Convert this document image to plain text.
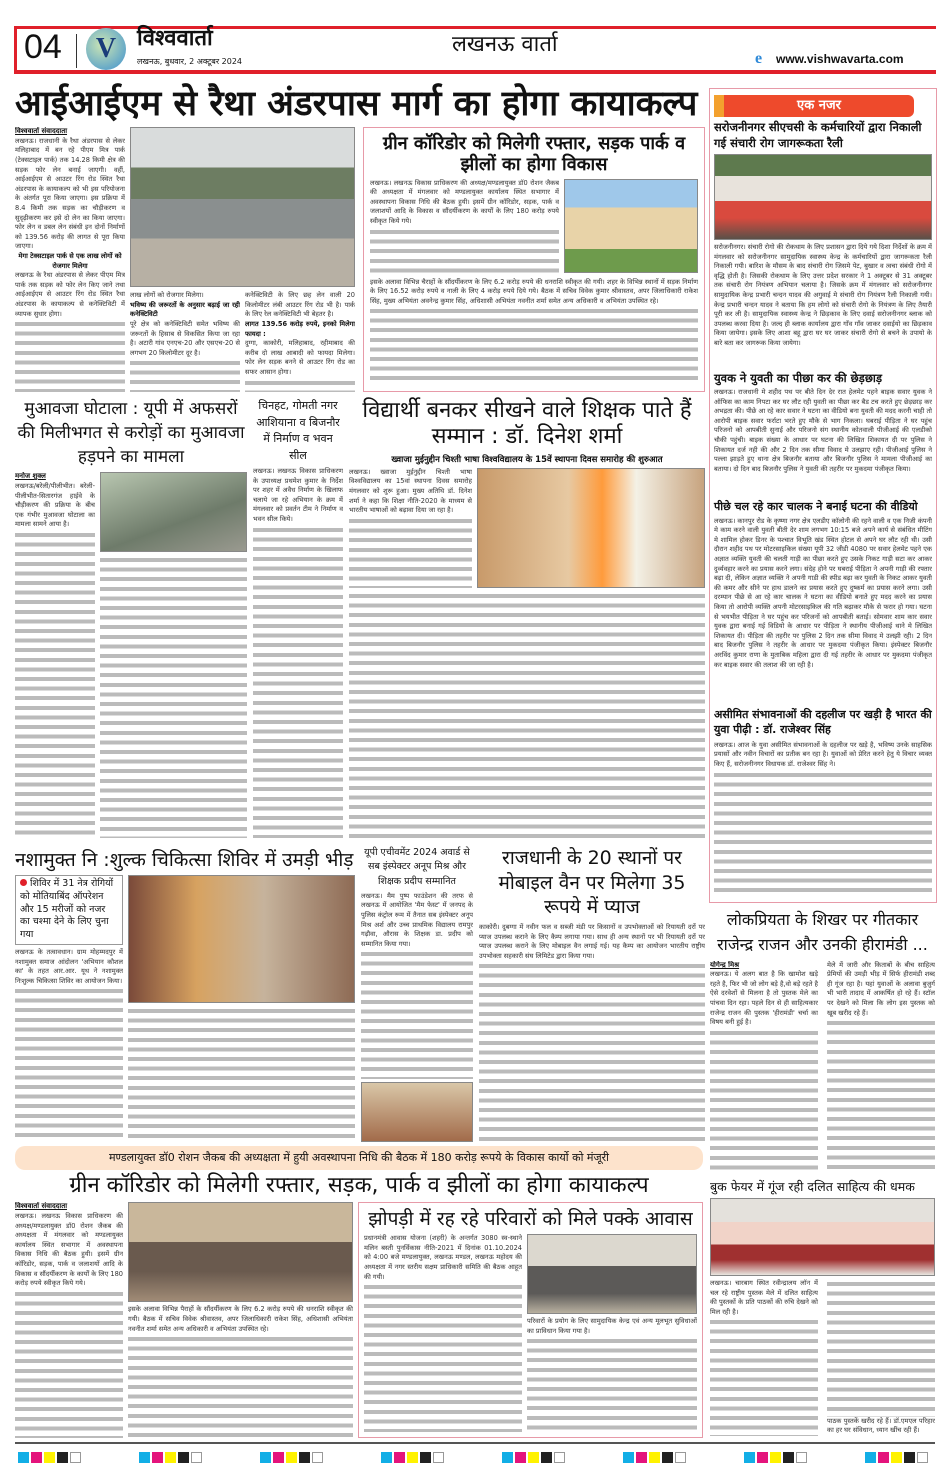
04	V विश्ववार्ता
लखनऊ, बुधवार, 2 अक्टूबर 2024
लखनऊ वार्ता
e www.vishwavarta.com
आईआईएम से रैथा अंडरपास मार्ग का होगा कायाकल्प
विश्ववार्ता संवाददाता
लखनऊ। राजधानी के रैथा अंडरपास से लेकर मलिहाबाद में बन रहे पीएम मित्र पार्क (टेक्सटाइल पार्क) तक 14.28 किमी क्षेत्र की सड़क फोर लेन बनाई जाएगी। वहीं, आईआईएम से आउटर रिंग रोड स्थित रैथा अंडरपास के कायाकल्प को भी इस परियोजना के अंतर्गत पूरा किया जाएगा। इस प्रक्रिया में 8.4 किमी तक सड़क का चौड़ीकरण व सुदृढ़ीकरण कर इसे दो लेन का किया जाएगा। फोर लेन व डबल लेन संबंधी इन दोनों निर्माणों को 139.56 करोड़ की लागत से पूरा किया जाएगा।
मेगा टेक्सटाइल पार्क से एक लाख लोगों को रोजगार मिलेगा
लखनऊ के रैथा अंडरपास से लेकर पीएम मित्र पार्क तक सड़क को फोर लेन किए जाने तथा आईआईएम से आउटर रिंग रोड स्थित रैथा अंडरपास के कायाकल्प से कनेक्टिविटी में व्यापक सुधार होगा।
लाख लोगों को रोजगार मिलेगा।
भविष्य की जरूरतों के अनुसार बढ़ाई जा रही कनेक्टिविटी
पूरे क्षेत्र को कनेक्टिविटी समेत भविष्य की जरूरतों के हिसाब से विकसित किया जा रहा है। अटारी गांव एनएच-20 और एसएच-20 से लगभग 20 किलोमीटर दूर है।
कनेक्टिविटी के लिए छह लेन वाली 20 किलोमीटर लंबी आउटर रिंग रोड भी है। पार्क के लिए रेल कनेक्टिविटी भी बेहतर है।
लागत 139.56 करोड़ रुपये, इनको मिलेगा फायदा :
दुग्गा, काकोरी, मलिहाबाद, रहीमाबाद की करीब दो लाख आबादी को फायदा मिलेगा। फोर लेन सड़क बनने से आउटर रिंग रोड का सफर आसान होगा।
ग्रीन कॉरिडोर को मिलेगी रफ्तार, सड़क पार्क व झीलों का होगा विकास
लखनऊ। लखनऊ विकास प्राधिकरण की अध्यक्ष/मण्डलायुक्त डॉ0 रोशन जैकब की अध्यक्षता में मंगलवार को मण्डलायुक्त कार्यालय स्थित सभागार में अवस्थापना विकास निधि की बैठक हुयी। इसमें ग्रीन कॉरिडोर, सड़क, पार्क व जलाशयों आदि के विकास व सौंदर्यीकरण के कार्यों के लिए 180 करोड़ रुपये स्वीकृत किये गये।
इसके अलावा विभिन्न चैराहों के सौंदर्यीकरण के लिए 6.2 करोड़ रुपये की धनराशि स्वीकृत की गयी। शहर के विभिन्न स्थानों में सड़क निर्माण के लिए 16.52 करोड़ रुपये व नाली के लिए 4 करोड़ रुपये दिये गये। बैठक में सचिव विवेक कुमार श्रीवास्तव, अपर जिलाधिकारी राकेश सिंह, मुख्य अभियंता अवनेन्द्र कुमार सिंह, अधिशासी अभियंता नवनीत शर्मा समेत अन्य अधिकारी व अभियंता उपस्थित रहे।
मुआवजा घोटाला : यूपी में अफसरों की मिलीभगत से करोड़ों का मुआवजा हड़पने का मामला
मनोज शुक्ल
लखनऊ/बरेली/पीलीभीत। बरेली-पीलीभीत-सितारगंज हाईवे के चौड़ीकरण की प्रक्रिया के बीच एक गंभीर मुआवजा घोटाला का मामला सामने आया है।
चिनहट, गोमती नगर आशियाना व बिजनौर में निर्माण व भवन सील
लखनऊ। लखनऊ विकास प्राधिकरण के उपाध्यक्ष प्रथमेश कुमार के निर्देश पर शहर में अवैध निर्माण के खिलाफ चलाये जा रहे अभियान के क्रम में मंगलवार को प्रवर्तन टीम ने निर्माण व भवन सील किये।
विद्यार्थी बनकर सीखने वाले शिक्षक पाते हैं सम्मान : डॉ. दिनेश शर्मा
ख्वाजा मुईनुद्दीन चिश्ती भाषा विश्वविद्यालय के 15वें स्थापना दिवस समारोह की शुरुआत
लखनऊ। ख्वाजा मुईनुद्दीन चिश्ती भाषा विश्वविद्यालय का 15वां स्थापना दिवस समारोह मंगलवार को शुरू हुआ। मुख्य अतिथि डॉ. दिनेश शर्मा ने कहा कि शिक्षा नीति-2020 के माध्यम से भारतीय भाषाओं को बढ़ावा दिया जा रहा है।
नशामुक्त नि :शुल्क चिकित्सा शिविर में उमड़ी भीड़
शिविर में 31 नेत्र रोगियों को मोतियाबिंद ऑपरेशन और 15 मरीजों को नजर का चश्मा देने के लिए चुना गया
लखनऊ के तत्वावधान। ग्राम मोहम्मदपुर में नशामुक्त समाज आंदोलन 'अभियान कौशल का' के तहत आर.आर. यूथ ने नशामुक्त निःशुल्क चिकित्सा शिविर का आयोजन किया।
यूपी एचीवमेंट 2024 अवार्ड से सब इंस्पेक्टर अनूप मिश्र और शिक्षक प्रदीप सम्मानित
लखनऊ। मैम पुष्प फाउंडेशन की तरफ से लखनऊ में आयोजित 'मैम फेस्ट' में जनपद के पुलिस कंट्रोल रूम में तैनात सब इंस्पेक्टर अनूप मिश्र अर्श और उच्च प्राथमिक विद्यालय रामपुर गढ़ौवा, औरास के शिक्षक डा. प्रदीप को सम्मानित किया गया।
राजधानी के 20 स्थानों पर मोबाइल वैन पर मिलेगा 35 रूपये में प्याज
काकोरी। दुबग्गा में नवीन फल व सब्जी मंडी पर किसानों व उपभोक्ताओं को रियायती दरों पर प्याज उपलब्ध कराने के लिए कैम्प लगाया गया। साथ ही अन्य स्थानों पर भी रियायती दरों पर प्याज उपलब्ध कराने के लिए मोबाइल वैन लगाई गई। यह कैम्प का आयोजन भारतीय राष्ट्रीय उपभोक्ता सहकारी संघ लिमिटेड द्वारा किया गया।
मण्डलायुक्त डॉ0 रोशन जैकब की अध्यक्षता में हुयी अवस्थापना निधि की बैठक में 180 करोड़ रूपये के विकास कार्यो को मंजूरी
ग्रीन कॉरिडोर को मिलेगी रफ्तार, सड़क, पार्क व झीलों का होगा कायाकल्प
विश्ववार्ता संवाददाता
लखनऊ। लखनऊ विकास प्राधिकरण की अध्यक्ष/मण्डलायुक्त डॉ0 रोशन जैकब की अध्यक्षता में मंगलवार को मण्डलायुक्त कार्यालय स्थित सभागार में अवस्थापना विकास निधि की बैठक हुयी। इसमें ग्रीन कॉरिडोर, सड़क, पार्क व जलाशयों आदि के विकास व सौंदर्यीकरण के कार्यों के लिए 180 करोड़ रुपये स्वीकृत किये गये।
इसके अलावा विभिन्न पैराहों के सौंदर्यीकरण के लिए 6.2 करोड़ रुपये की धनराशि स्वीकृत की गयी। बैठक में सचिव विवेक श्रीवास्तव, अपर जिलाधिकारी राकेश सिंह, अधिशासी अभियंता नवनीत शर्मा समेत अन्य अधिकारी व अभियंता उपस्थित रहे।
झोपड़ी में रह रहे परिवारों को मिले पक्के आवास
प्रधानमंत्री आवास योजना (शहरी) के अन्तर्गत 3080 स्व-स्थाने मलिन बस्ती पुनर्विकास नीति-2021 में दिनांक 01.10.2024 को 4:00 बजे मण्डलायुक्त, लखनऊ मण्डल, लखनऊ महोदय की अध्यक्षता में नगर स्तरीय सक्षम प्राधिकारी समिति की बैठक आहूत की गयी।
परिवारों के प्रयोग के लिए सामुदायिक केन्द्र एवं अन्य मूलभूत सुविधाओं का प्राविधान किया गया है।
एक नजर
सरोजनीनगर सीएचसी के कर्मचारियों द्वारा निकाली गई संचारी रोग जागरूकता रैली
सरोजनीनगर। संचारी रोगो की रोकथाम के लिए प्रशासन द्वारा दिये गये दिशा निर्देशों के क्रम में मंगलवार को सरोजनीनगर सामुदायिक स्वास्थ्य केन्द्र के कर्मचारियों द्वारा जागरूकता रैली निकाली गयी। बारिश के मौसम के बाद संचारी रोग जिसमे पेट, बुखार व त्वचा संबंधी रोगो में वृद्धि होती है। जिसकी रोकथाम के लिए उत्तर प्रदेश सरकार ने 1 अक्टूबर से 31 अक्टूबर तक संचारी रोग नियंत्रण अभियान चलाया है। जिसके क्रम में मंगलवार को सरोजनीनगर सामुदायिक केन्द्र प्रभारी चन्दन यादव की अगुवाई मे संचारी रोग नियंत्रण रैली निकाली गयी। केन्द्र प्रभारी चन्दन यादव ने बताया कि हम लोगो को संचारी रोगो के नियंत्रण के लिए तैयारी पूरी कर ली है। सामुदायिक स्वास्थ्य केन्द्र ने छिड़काव के लिए दवाई सरोजनीनगर ब्लाक को उपलब्ध करवा दिया है। जल्द ही ब्लाक कार्यालय द्वारा गाँव गाँव जाकर दवाईयो का छिड़काव किया जायेगा। इसके लिए आशा बहू द्वारा घर घर जाकर संचारी रोगो से बचने के उपायो के बारे बता कर जागरूक किया जायेगा।
युवक ने युवती का पीछा कर की छेड़छाड़
लखनऊ। राजधानी मे शहीद पथ पर बीते दिन देर रात हेलमेट पहने बाइक सवार युवक ने ऑफिस का काम निपटा कर घर लौट रही युवती का पीछा कर बैड टच करते हुए छेड़छाड़ कर अभद्रता की। पीछे आ रहे कार सवार ने घटना का वीडियो बना युवती की मदद करनी चाही तो आरोपी बाइक सवार फर्राटा भरते हुए मौके से भाग निकला। घबराई पीड़िता ने घर पहुंच परिजनो को आपबीती सुनाई और परिजनो संग स्थानीय कोतवाली पीजीआई की एलडीको चौकी पहुंची। बाइक संख्या के आधार पर घटना की लिखित शिकायत दी पर पुलिस ने शिकायत दर्ज नही की और 2 दिन तक सीमा विवाद मे उलझाए रही। पीजीआई पुलिस ने पल्ला झाड़ते हुए थाना क्षेत्र बिजनौर बताया और बिजनौर पुलिस ने मामला पीजीआई का बताया। दो दिन बाद बिजनौर पुलिस ने युवती की तहरीर पर मुकदमा पंजीकृत किया।
पीछे चल रहे कार चालक ने बनाई घटना की वीडियो
लखनऊ। कानपुर रोड के कृष्णा नगर क्षेत्र एलडीए कॉलोनी की रहने वाली व एक निजी कंपनी मे काम करने वाली युवती बीती देर शाम लगभग 10:15 बजे अपने कार्य से संबंधित मीटिंग मे शामिल होकर डिनर के पश्चात विभूति खंड स्थित होटल से अपने घर लौट रही थी। उसी दौरान शहीद पथ पर मोटरसाइकिल संख्या यूपी 32 जीडी 4080 पर सवार हेलमेट पहने एक अज्ञात व्यक्ति युवती की चलती गाड़ी का पीछा करते हुए उसके निकट गाड़ी सटा कर आकर दुर्व्यवहार करने का प्रयास करने लगा। संदेह होने पर घबराई पीड़िता ने अपनी गाड़ी की रफ्तार बढ़ा दी, लेकिन अज्ञात व्यक्ति ने अपनी गाडी की स्पीड बढ़ा कर युवती के निकट आकर युवती की कमर और सीने पर हाथ डालने का प्रयास करते हुए दुष्कर्म का प्रयास करने लगा। उसी दरम्यान पीछे से आ रहे कार चालक ने घटना का वीडियो बनाते हुए मदद करने का प्रयास किया तो आरोपी व्यक्ति अपनी मोटरसाइकिल की गति बढ़ाकर मौके से फरार हो गया। घटना से भयभीत पीड़िता ने घर पहुंच कर परिजनों को आपबीती बताई। सोमवार शाम कार सवार युवक द्वारा बनाई गई विडियो के आधार पर पीड़िता ने स्थानीय पीजीआई थाने मे लिखित शिकायत दी। पीड़िता की तहरीर पर पुलिस 2 दिन तक सीमा विवाद मे उलझी रही। 2 दिन बाद बिजनौर पुलिस ने तहरीर के आधार पर मुकदमा पंजीकृत किया। इंस्पेक्टर बिजनौर अरविंद कुमार राणा के मुताबिक महिला द्वारा दी गई तहरीर के आधार पर मुकदमा पंजीकृत कर बाइक सवार की तलाश की जा रही है।
असीमित संभावनाओं की दहलीज पर खड़ी है भारत की युवा पीढ़ी : डॉ. राजेश्वर सिंह
लखनऊ। आज के युवा असीमित संभावनाओं के दहलीज पर खड़े है, भविष्य उनके साहसिक प्रयासों और नवीन विचारों का प्रतीक बन रहा है। युवाओं को प्रेरित करने हेतु ये विचार व्यक्त किए हैं, सरोजनीनगर विधायक डॉ. राजेश्वर सिंह ने।
लोकप्रियता के शिखर पर गीतकार राजेन्द्र राजन और उनकी हीरामंडी ...
योगेन्द्र मिश्र
लखनऊ। ये अलग बात है कि खामोश खड़े रहते है, फिर भी जो लोग बड़े है,वो बड़े रहते है ऐसे दरवेशों से मिलना है तो पुस्तक मेले का पांचवा दिन रहा। पहले दिन से ही साहित्यकार राजेन्द्र राजन की पुस्तक 'हीरामंडी' चर्चा का विषय बनी हुई है।
मेले में जारी और किताबों के बीच साहित्य प्रेमियों की उमड़ी भीड़ में सिर्फ हीरामंडी शब्द ही गूंज रहा है। यहां युवाओं के अलावा बुजुर्ग भी भारी तादाद में आकर्षित हो रहे हैं। स्टॉल पर देखने को मिला कि लोग इस पुस्तक को खूब खरीद रहे हैं।
बुक फेयर में गूंज रही दलित साहित्य की धमक
लखनऊ। चारबाग स्थित रवीन्द्रालय लॉन में चल रहे राष्ट्रीय पुस्तक मेले में दलित साहित्य की पुस्तकों के प्रति पाठकों की रुचि देखने को मिल रही है।
पाठक पुस्तकें खरीद रहे हैं। डॉ.एमएल परिहार का हर घर संविधान, ध्यान खींच रही हैं।
